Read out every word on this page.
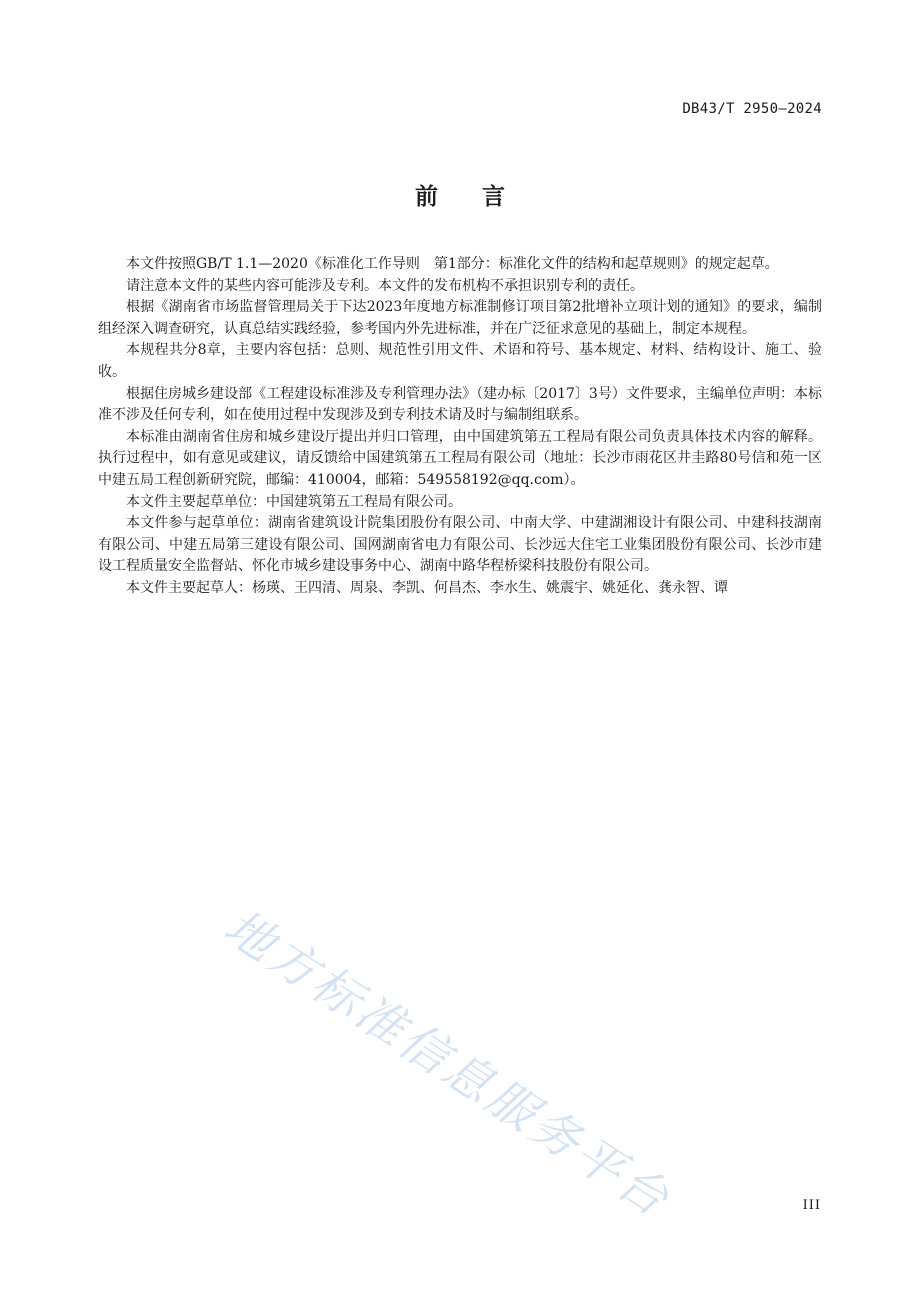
DB43/T 2950—2024
前言

本文件按照GB/T 1.1—2020《标准化工作导则　第1部分：标准化文件的结构和起草规则》的规定起草。

请注意本文件的某些内容可能涉及专利。本文件的发布机构不承担识别专利的责任。

根据《湖南省市场监督管理局关于下达2023年度地方标准制修订项目第2批增补立项计划的通知》的要求，编制组经深入调查研究，认真总结实践经验，参考国内外先进标准，并在广泛征求意见的基础上，制定本规程。

本规程共分8章，主要内容包括：总则、规范性引用文件、术语和符号、基本规定、材料、结构设计、施工、验收。

根据住房城乡建设部《工程建设标准涉及专利管理办法》（建办标〔2017〕3号）文件要求，主编单位声明：本标准不涉及任何专利，如在使用过程中发现涉及到专利技术请及时与编制组联系。

本标准由湖南省住房和城乡建设厅提出并归口管理，由中国建筑第五工程局有限公司负责具体技术内容的解释。执行过程中，如有意见或建议，请反馈给中国建筑第五工程局有限公司（地址：长沙市雨花区井圭路80号信和苑一区中建五局工程创新研究院，邮编：410004，邮箱：549558192@qq.com）。

本文件主要起草单位：中国建筑第五工程局有限公司。

本文件参与起草单位：湖南省建筑设计院集团股份有限公司、中南大学、中建湖湘设计有限公司、中建科技湖南有限公司、中建五局第三建设有限公司、国网湖南省电力有限公司、长沙远大住宅工业集团股份有限公司、长沙市建设工程质量安全监督站、怀化市城乡建设事务中心、湖南中路华程桥梁科技股份有限公司。

本文件主要起草人：杨瑛、王四清、周泉、李凯、何昌杰、李水生、姚震宇、姚延化、龚永智、谭

地方标准信息服务平台	III
